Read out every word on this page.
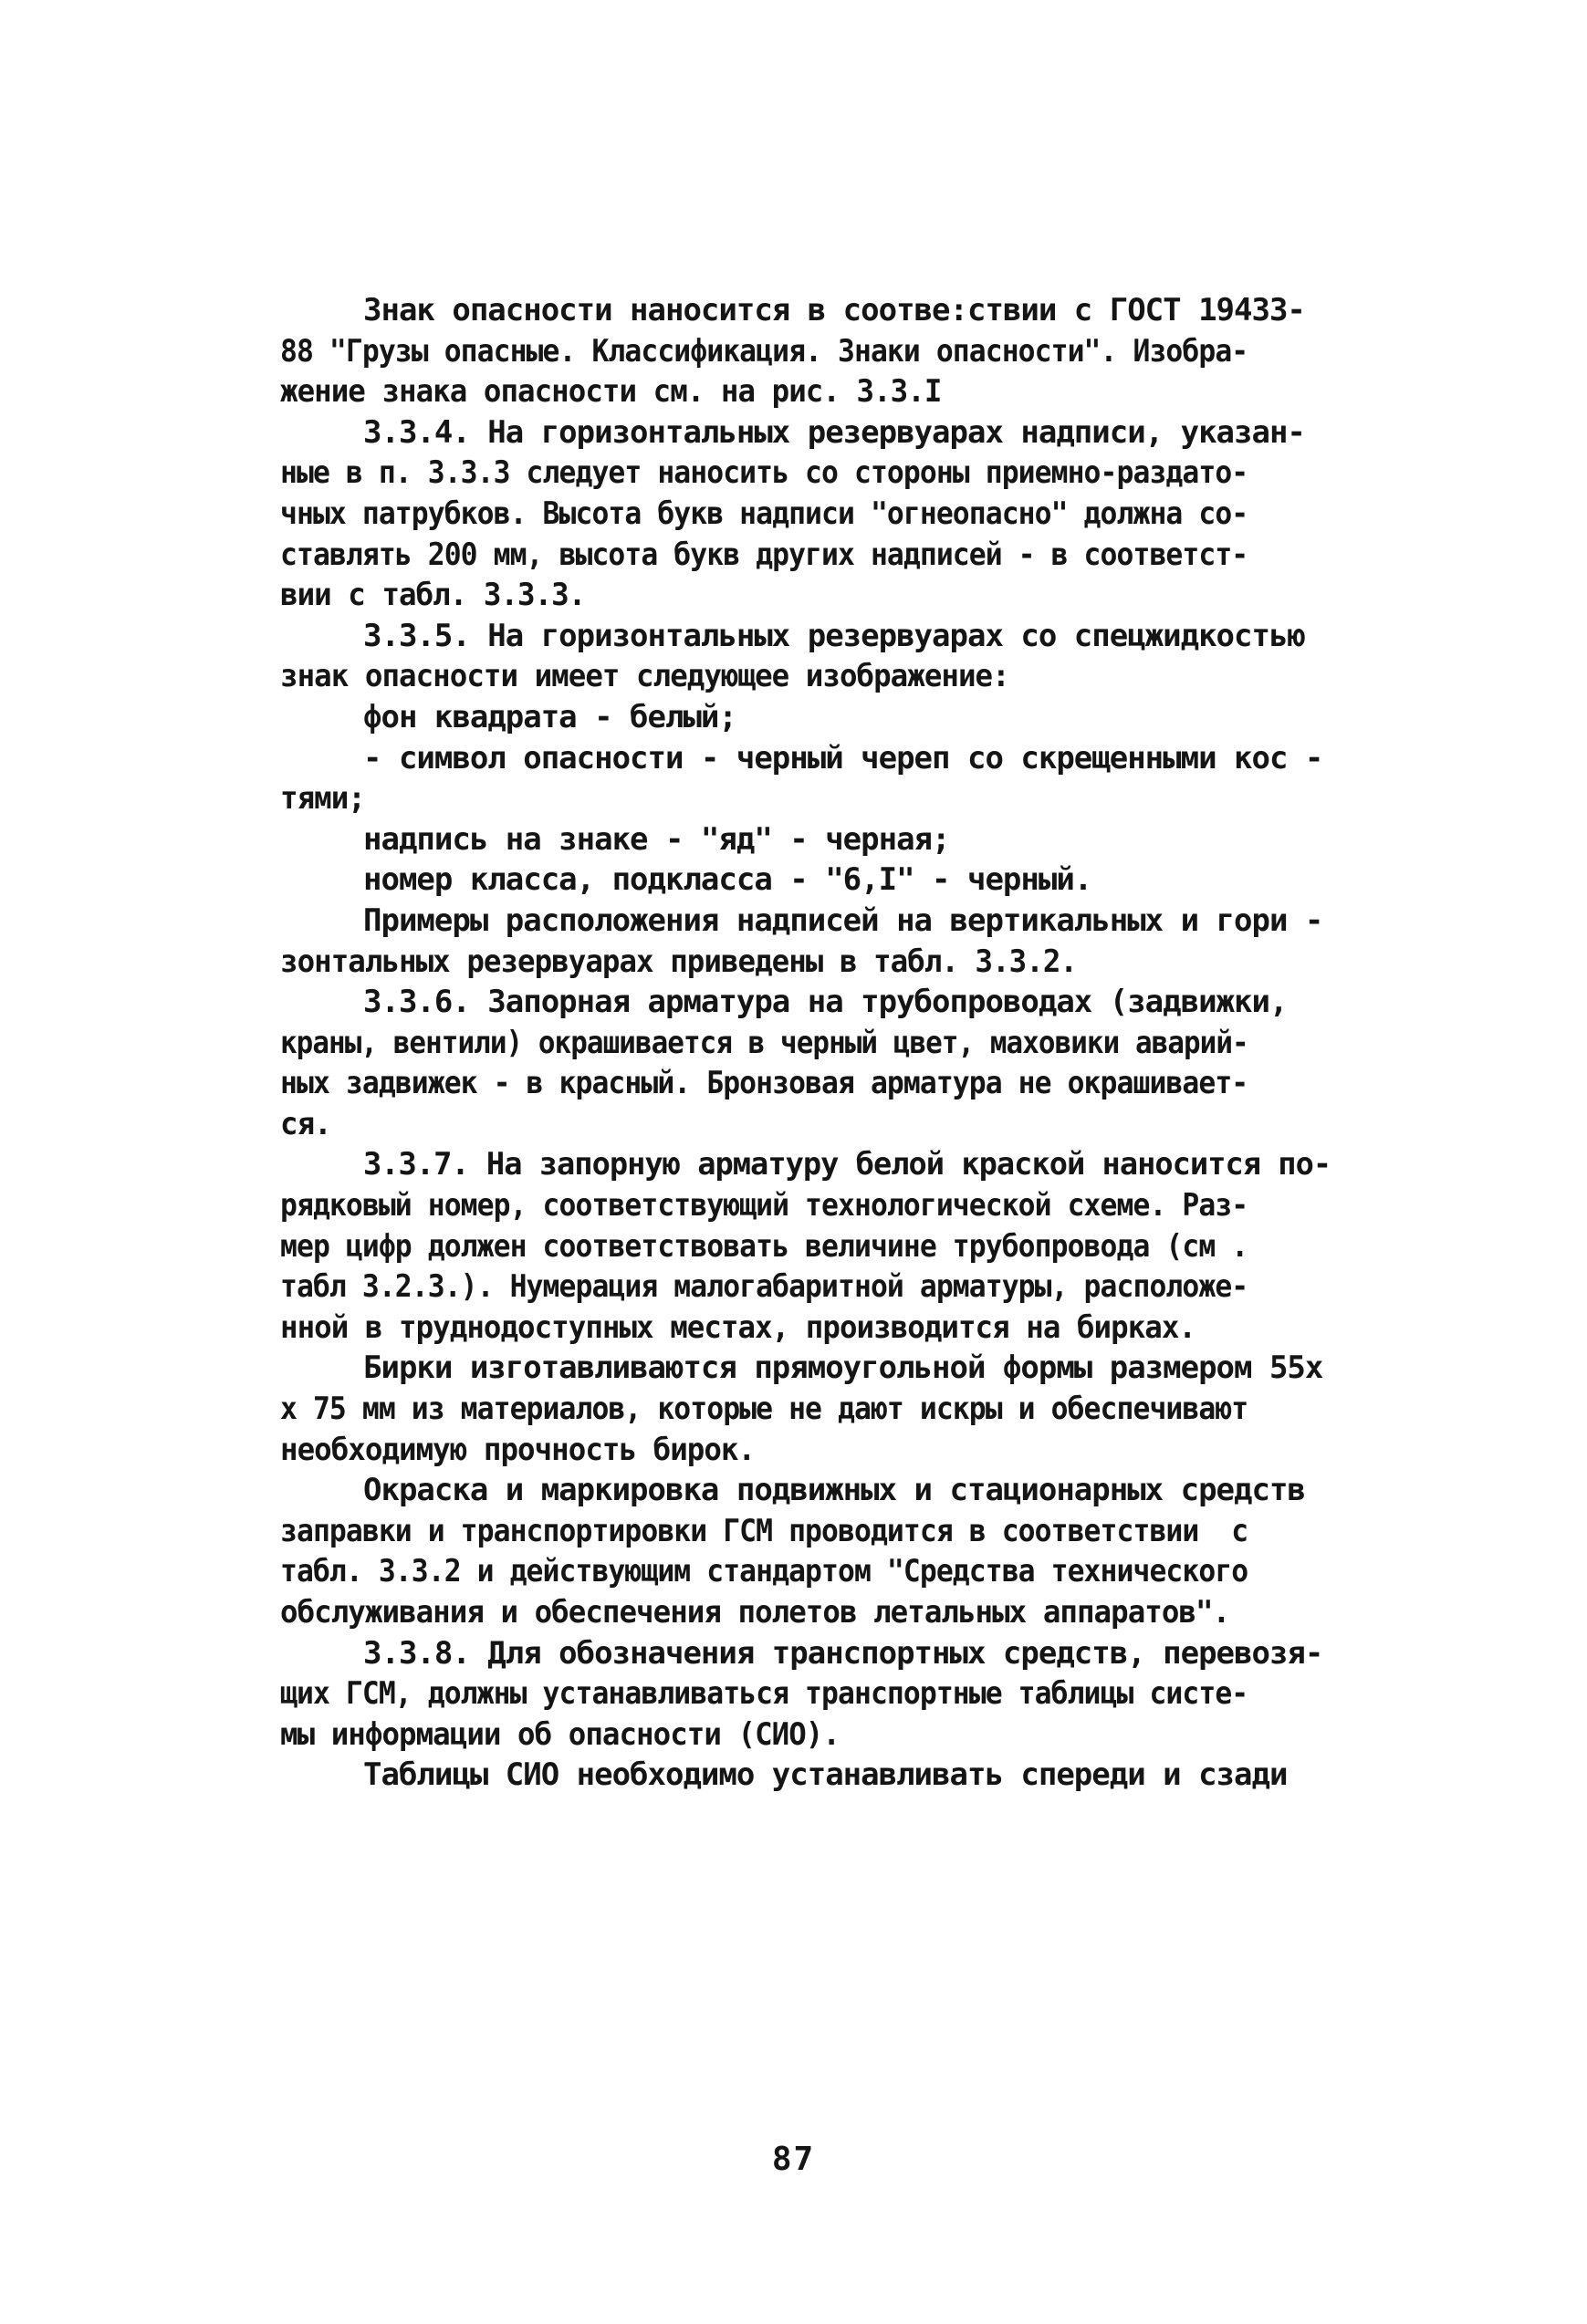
Знак опасности наносится в соотве:ствии с ГОСТ 19433-
88 "Грузы опасные. Классификация. Знаки опасности". Изобра-
жение знака опасности см. на рис. 3.3.I
3.3.4. На горизонтальных резервуарах надписи, указан-
ные в п. 3.3.3 следует наносить со стороны приемно-раздато-
чных патрубков. Высота букв надписи "огнеопасно" должна со-
ставлять 200 мм, высота букв других надписей - в соответст-
вии с табл. 3.3.3.
3.3.5. На горизонтальных резервуарах со спецжидкостью
знак опасности имеет следующее изображение:
фон квадрата - белый;
- символ опасности - черный череп со скрещенными кос -
тями;
надпись на знаке - "яд" - черная;
номер класса, подкласса - "6,I" - черный.
Примеры расположения надписей на вертикальных и гори -
зонтальных резервуарах приведены в табл. 3.3.2.
3.3.6. Запорная арматура на трубопроводах (задвижки,
краны, вентили) окрашивается в черный цвет, маховики аварий-
ных задвижек - в красный. Бронзовая арматура не окрашивает-
ся.
3.3.7. На запорную арматуру белой краской наносится по-
рядковый номер, соответствующий технологической схеме. Раз-
мер цифр должен соответствовать величине трубопровода (см .
табл 3.2.3.). Нумерация малогабаритной арматуры, расположе-
нной в труднодоступных местах, производится на бирках.
Бирки изготавливаются прямоугольной формы размером 55х
х 75 мм из материалов, которые не дают искры и обеспечивают
необходимую прочность бирок.
Окраска и маркировка подвижных и стационарных средств
заправки и транспортировки ГСМ проводится в соответствии  с
табл. 3.3.2 и действующим стандартом "Средства технического
обслуживания и обеспечения полетов летальных аппаратов".
3.3.8. Для обозначения транспортных средств, перевозя-
щих ГСМ, должны устанавливаться транспортные таблицы систе-
мы информации об опасности (СИО).
Таблицы СИО необходимо устанавливать спереди и сзади
87
